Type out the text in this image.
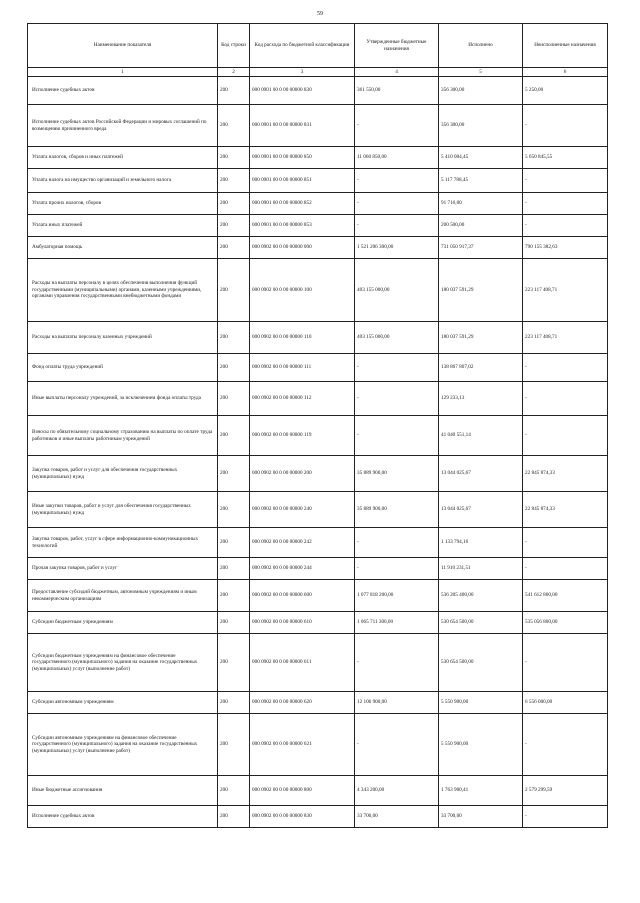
59
Наименование показателя	Код строки	Код расхода по бюджетной классификации	Утвержденные бюджетные назначения	Исполнено	Неисполненные назначения
1	2	3	4	5	6
Исполнение судебных актов	200	000 0901 00 0 00 00000 830	361 550,00	356 300,00	5 250,00
Исполнение судебных актов Российской Федерации и мировых соглашений по возмещению причиненного вреда	200	000 0901 00 0 00 00000 831	-	356 300,00	-
Уплата налогов, сборов и иных платежей	200	000 0901 00 0 00 00000 850	11 060 850,00	5 410 004,45	5 650 845,55
Уплата налога на имущество организаций и земельного налога	200	000 0901 00 0 00 00000 851	-	5 117 788,45	-
Уплата прочих налогов, сборов	200	000 0901 00 0 00 00000 852	-	91 716,00	-
Уплата иных платежей	200	000 0901 00 0 00 00000 853	-	200 500,00	-
Амбулаторная помощь	200	000 0902 00 0 00 00000 000	1 521 206 300,00	731 050 917,37	790 155 382,63
Расходы на выплаты персоналу в целях обеспечения выполнения функций государственными (муниципальными) органами, казенными учреждениями, органами управления государственными внебюджетными фондами	200	000 0902 00 0 00 00000 100	403 155 000,00	180 037 591,29	223 117 408,71
Расходы на выплаты персоналу казенных учреждений	200	000 0902 00 0 00 00000 110	403 155 000,00	180 037 591,29	223 117 408,71
Фонд оплаты труда учреждений	200	000 0902 00 0 00 00000 111	-	138 867 807,02	-
Иные выплаты персоналу учреждений, за исключением фонда оплаты труда	200	000 0902 00 0 00 00000 112	-	129 233,13	-
Взносы по обязательному социальному страхованию на выплаты по оплате труда работников и иные выплаты работникам учреждений	200	000 0902 00 0 00 00000 119	-	41 040 551,14	-
Закупка товаров, работ и услуг для обеспечения государственных (муниципальных) нужд	200	000 0902 00 0 00 00000 200	35 889 900,00	13 044 025,67	22 845 874,33
Иные закупки товаров, работ и услуг для обеспечения государственных (муниципальных) нужд	200	000 0902 00 0 00 00000 240	35 889 900,00	13 044 025,67	22 845 874,33
Закупка товаров, работ, услуг в сфере информационно-коммуникационных технологий	200	000 0902 00 0 00 00000 242	-	1 133 794,16	-
Прочая закупка товаров, работ и услуг	200	000 0902 00 0 00 00000 244	-	11 910 231,51	-
Предоставление субсидий бюджетным, автономным учреждениям и иным некоммерческим организациям	200	000 0902 00 0 00 00000 600	1 077 818 200,00	536 205 400,00	541 612 800,00
Субсидии бюджетным учреждениям	200	000 0902 00 0 00 00000 610	1 065 711 300,00	530 654 500,00	535 056 800,00
Субсидии бюджетным учреждениям на финансовое обеспечение государственного (муниципального) задания на оказание государственных (муниципальных) услуг (выполнение работ)	200	000 0902 00 0 00 00000 611	-	530 654 500,00	-
Субсидии автономным учреждениям	200	000 0902 00 0 00 00000 620	12 106 900,00	5 550 900,00	6 556 000,00
Субсидии автономным учреждениям на финансовое обеспечение государственного (муниципального) задания на оказание государственных (муниципальных) услуг (выполнение работ)	200	000 0902 00 0 00 00000 621	-	5 550 900,00	-
Иные бюджетные ассигнования	200	000 0902 00 0 00 00000 800	4 343 200,00	1 763 900,41	2 579 299,59
Исполнение судебных актов	200	000 0902 00 0 00 00000 830	33 700,00	33 700,00	-
